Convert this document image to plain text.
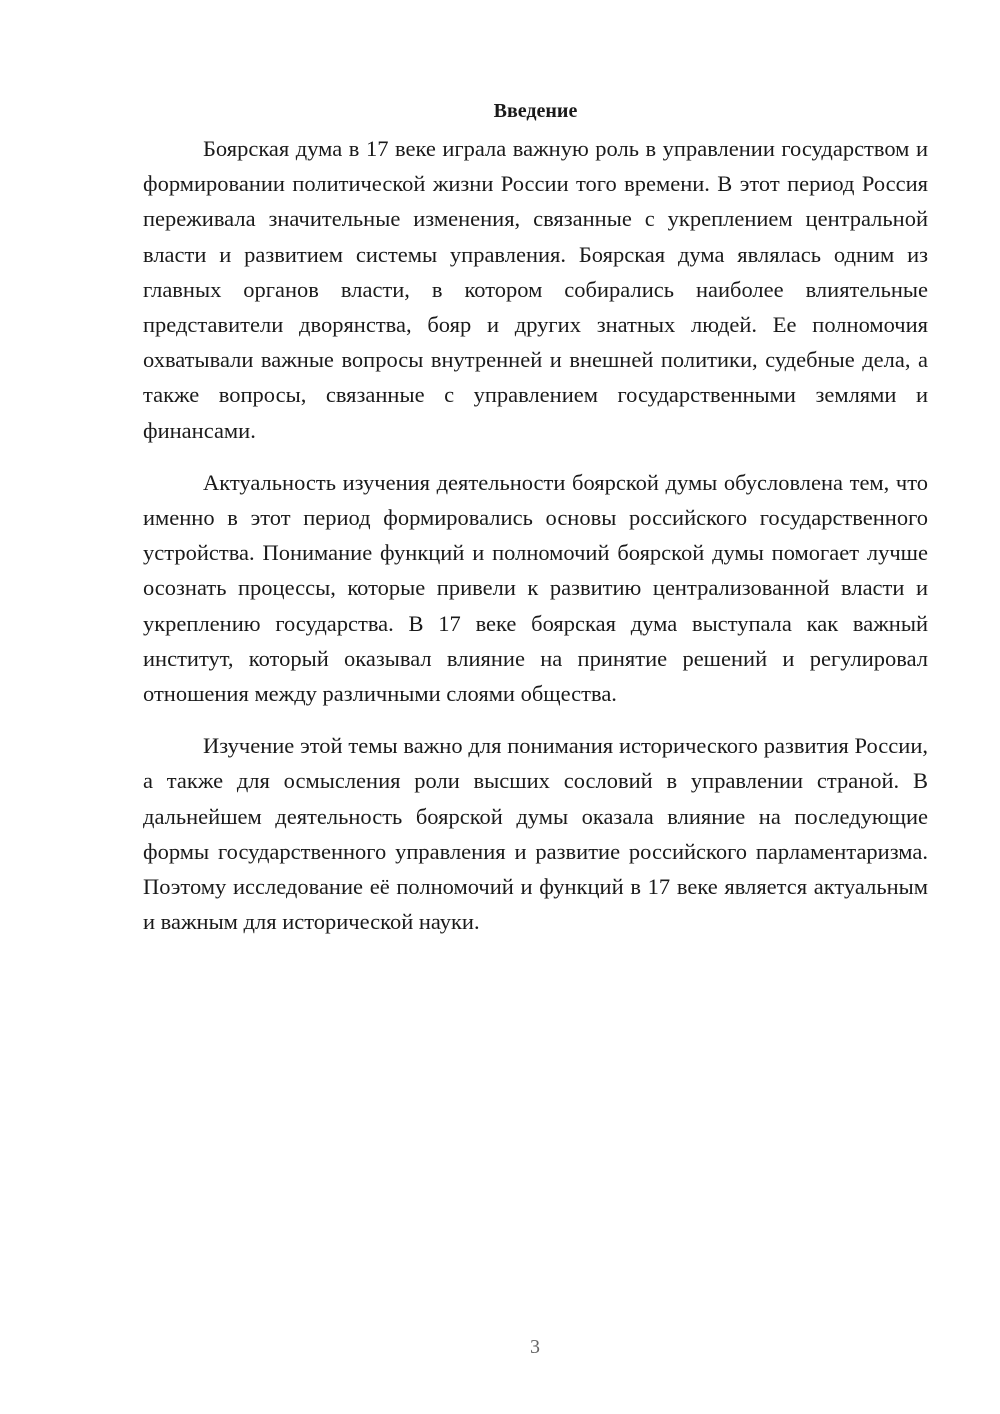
Введение

Боярская дума в 17 веке играла важную роль в управлении государством и формировании политической жизни России того времени. В этот период Россия переживала значительные изменения, связанные с укреплением центральной власти и развитием системы управления. Боярская дума являлась одним из главных органов власти, в котором собирались наиболее влиятельные представители дворянства, бояр и других знатных людей. Ее полномочия охватывали важные вопросы внутренней и внешней политики, судебные дела, а также вопросы, связанные с управлением государственными землями и финансами.

Актуальность изучения деятельности боярской думы обусловлена тем, что именно в этот период формировались основы российского государственного устройства. Понимание функций и полномочий боярской думы помогает лучше осознать процессы, которые привели к развитию централизованной власти и укреплению государства. В 17 веке боярская дума выступала как важный институт, который оказывал влияние на принятие решений и регулировал отношения между различными слоями общества.

Изучение этой темы важно для понимания исторического развития России, а также для осмысления роли высших сословий в управлении страной. В дальнейшем деятельность боярской думы оказала влияние на последующие формы государственного управления и развитие российского парламентаризма. Поэтому исследование её полномочий и функций в 17 веке является актуальным и важным для исторической науки.

3
